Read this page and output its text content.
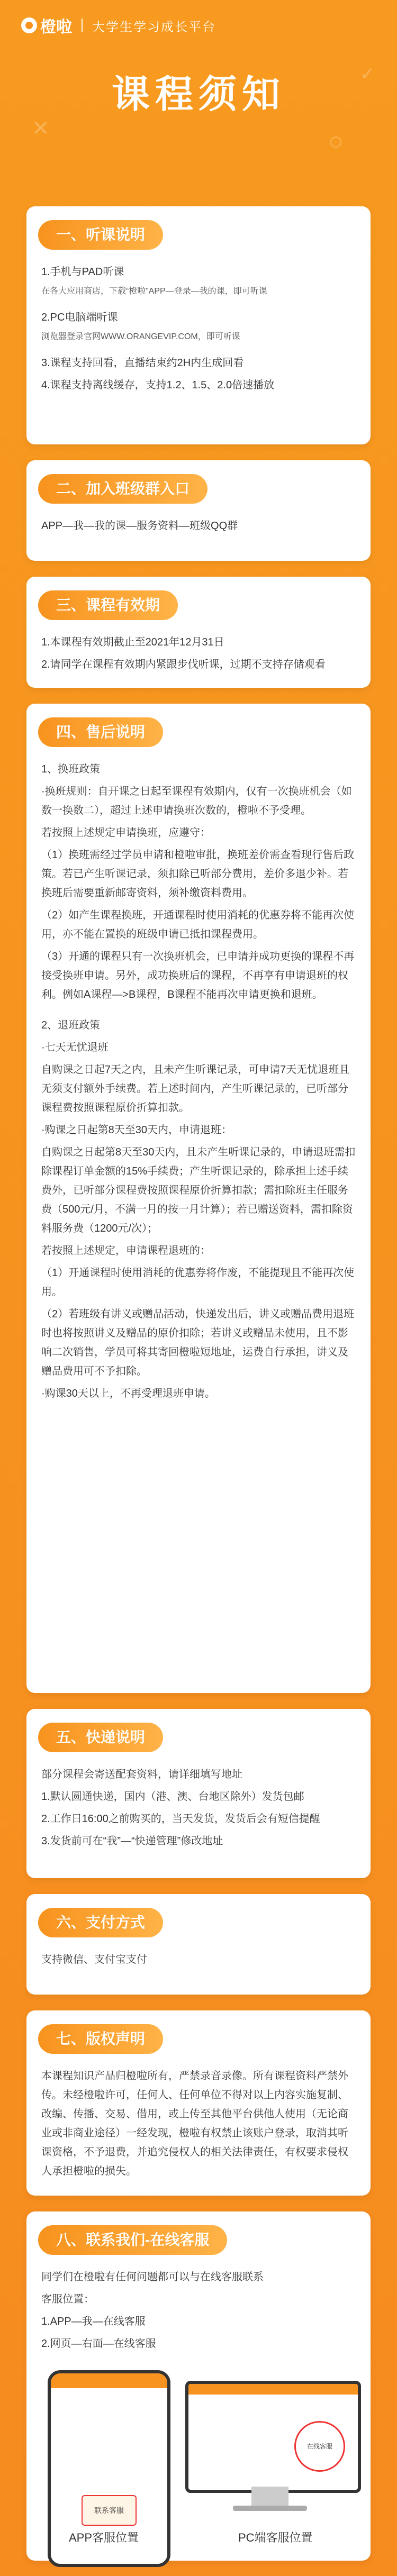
✕	○
✓
橙啦 大学生学习成长平台
课程须知
一、听课说明

1.手机与PAD听课

在各大应用商店，下载“橙啦”APP—登录—我的课，即可听课

2.PC电脑端听课

浏览器登录官网WWW.ORANGEVIP.COM，即可听课

3.课程支持回看，直播结束约2H内生成回看

4.课程支持离线缓存，支持1.2、1.5、2.0倍速播放

二、加入班级群入口

APP—我—我的课—服务资料—班级QQ群

三、课程有效期

1.本课程有效期截止至2021年12月31日

2.请同学在课程有效期内紧跟步伐听课，过期不支持存储观看

四、售后说明

1、换班政策

·换班规则：自开课之日起至课程有效期内，仅有一次换班机会（如数一换数二），超过上述申请换班次数的，橙啦不予受理。

若按照上述规定申请换班，应遵守：

（1）换班需经过学员申请和橙啦审批，换班差价需查看现行售后政策。若已产生听课记录，须扣除已听部分费用，差价多退少补。若换班后需要重新邮寄资料，须补缴资料费用。

（2）如产生课程换班，开通课程时使用消耗的优惠券将不能再次使用，亦不能在置换的班级申请已抵扣课程费用。

（3）开通的课程只有一次换班机会，已申请并成功更换的课程不再接受换班申请。另外，成功换班后的课程，不再享有申请退班的权利。例如A课程—>B课程，B课程不能再次申请更换和退班。

2、退班政策

·七天无忧退班

自购课之日起7天之内，且未产生听课记录，可申请7天无忧退班且无须支付额外手续费。若上述时间内，产生听课记录的，已听部分课程费按照课程原价折算扣款。

·购课之日起第8天至30天内，申请退班：

自购课之日起第8天至30天内，且未产生听课记录的，申请退班需扣除课程订单金额的15%手续费；产生听课记录的，除承担上述手续费外，已听部分课程费按照课程原价折算扣款；需扣除班主任服务费（500元/月，不满一月的按一月计算）；若已赠送资料，需扣除资料服务费（1200元/次）；

若按照上述规定，申请课程退班的：

（1）开通课程时使用消耗的优惠券将作废，不能提现且不能再次使用。

（2）若班级有讲义或赠品活动，快递发出后，讲义或赠品费用退班时也将按照讲义及赠品的原价扣除；若讲义或赠品未使用，且不影响二次销售，学员可将其寄回橙啦短地址，运费自行承担，讲义及赠品费用可不予扣除。

·购课30天以上，不再受理退班申请。

五、快递说明

部分课程会寄送配套资料，请详细填写地址

1.默认圆通快递，国内（港、澳、台地区除外）发货包邮

2.工作日16:00之前购买的，当天发货，发货后会有短信提醒

3.发货前可在“我”—“快递管理”修改地址

六、支付方式

支持微信、支付宝支付

七、版权声明

本课程知识产品归橙啦所有，严禁录音录像。所有课程资料严禁外传。未经橙啦许可，任何人、任何单位不得对以上内容实施复制、改编、传播、交易、借用，或上传至其他平台供他人使用（无论商业或非商业途径）一经发现，橙啦有权禁止该账户登录，取消其听课资格，不予退费，并追究侵权人的相关法律责任，有权要求侵权人承担橙啦的损失。

八、联系我们-在线客服

同学们在橙啦有任何问题都可以与在线客服联系

客服位置：

1.APP—我—在线客服

2.网页—右面—在线客服

联系客服
在线客服
APP客服位置	PC端客服位置
